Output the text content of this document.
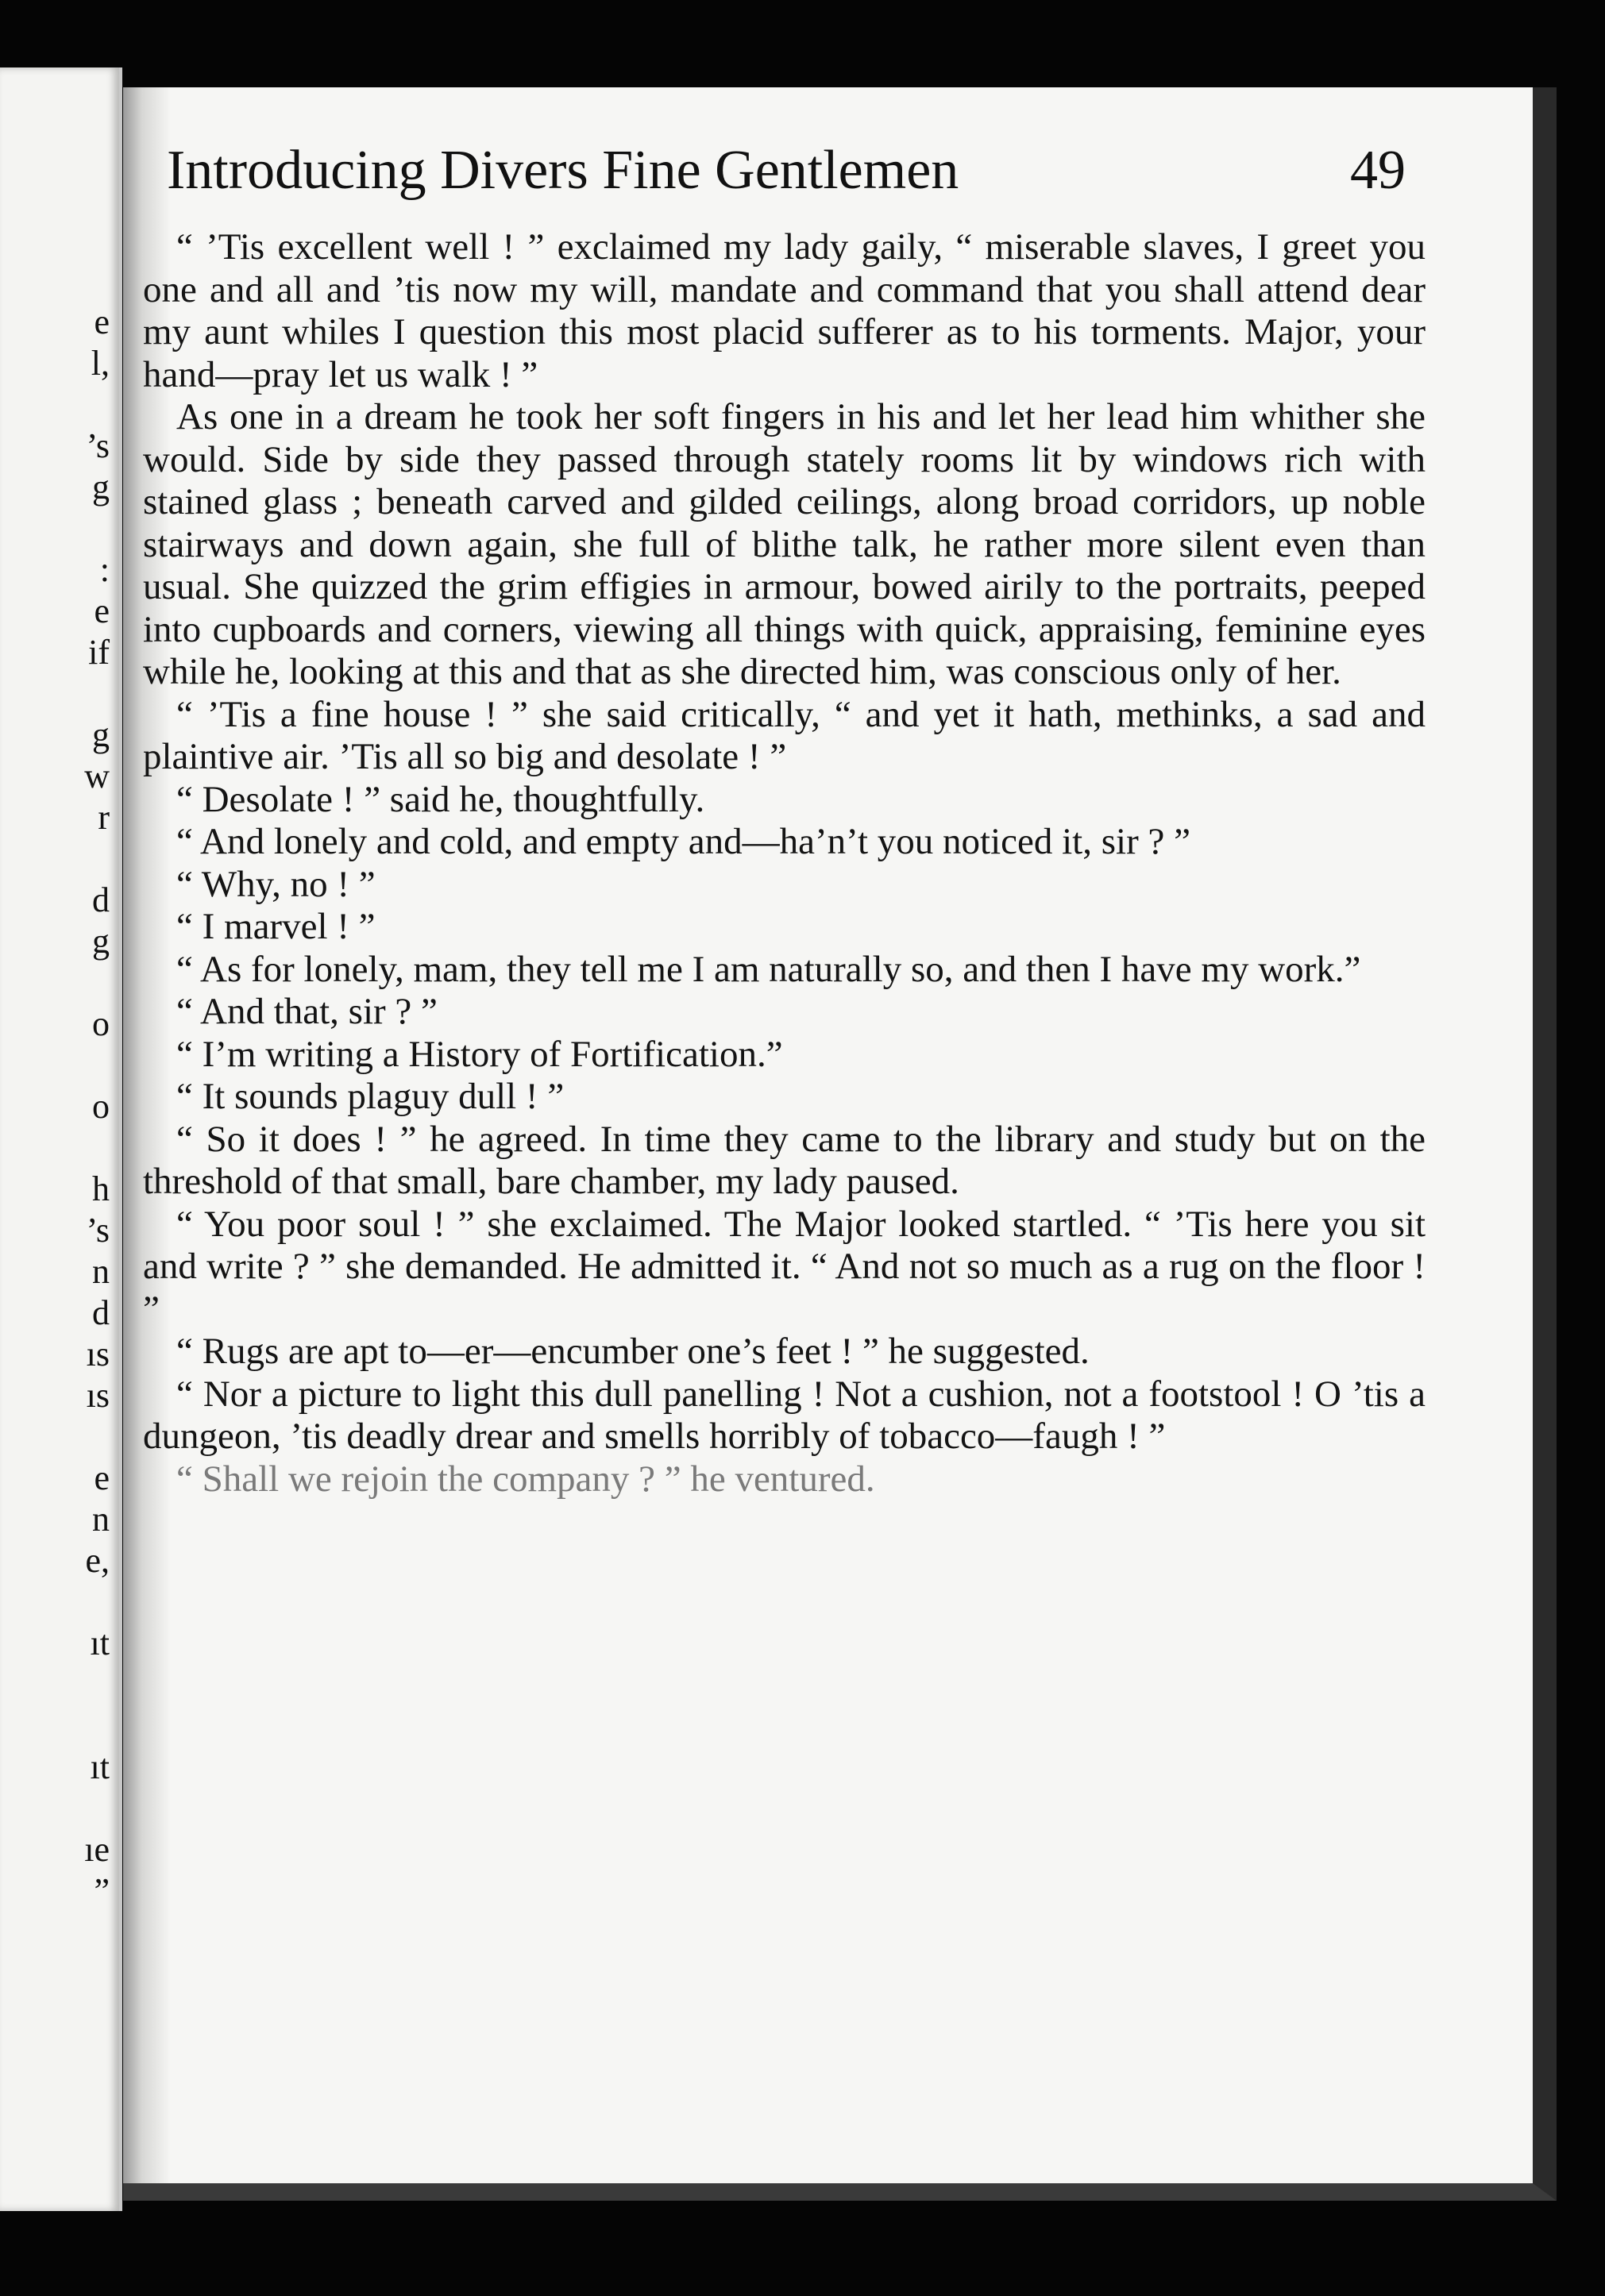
e
l,

’s
g

:
e
if

g
w
r

d
g

o

o

h
’s
n
d
ıs
ıs

e
n
e,

ıt

ıt

ıe
”
Introducing Divers Fine Gentlemen	49

“ ’Tis excellent well ! ” exclaimed my lady gaily, “ miserable slaves, I greet you one and all and ’tis now my will, mandate and command that you shall attend dear my aunt whiles I question this most placid sufferer as to his torments. Major, your hand—pray let us walk ! ”

As one in a dream he took her soft fingers in his and let her lead him whither she would. Side by side they passed through stately rooms lit by windows rich with stained glass ; beneath carved and gilded ceilings, along broad corridors, up noble stairways and down again, she full of blithe talk, he rather more silent even than usual. She quizzed the grim effigies in armour, bowed airily to the portraits, peeped into cupboards and corners, viewing all things with quick, appraising, feminine eyes while he, looking at this and that as she directed him, was conscious only of her.

“ ’Tis a fine house ! ” she said critically, “ and yet it hath, methinks, a sad and plaintive air. ’Tis all so big and desolate ! ”

“ Desolate ! ” said he, thoughtfully.

“ And lonely and cold, and empty and—ha’n’t you noticed it, sir ? ”

“ Why, no ! ”

“ I marvel ! ”

“ As for lonely, mam, they tell me I am naturally so, and then I have my work.”

“ And that, sir ? ”

“ I’m writing a History of Fortification.”

“ It sounds plaguy dull ! ”

“ So it does ! ” he agreed. In time they came to the library and study but on the threshold of that small, bare chamber, my lady paused.

“ You poor soul ! ” she exclaimed. The Major looked startled. “ ’Tis here you sit and write ? ” she demanded. He admitted it. “ And not so much as a rug on the floor ! ”

“ Rugs are apt to—er—encumber one’s feet ! ” he suggested.

“ Nor a picture to light this dull panelling ! Not a cushion, not a footstool ! O ’tis a dungeon, ’tis deadly drear and smells horribly of tobacco—faugh ! ”

“ Shall we rejoin the company ? ” he ventured.
